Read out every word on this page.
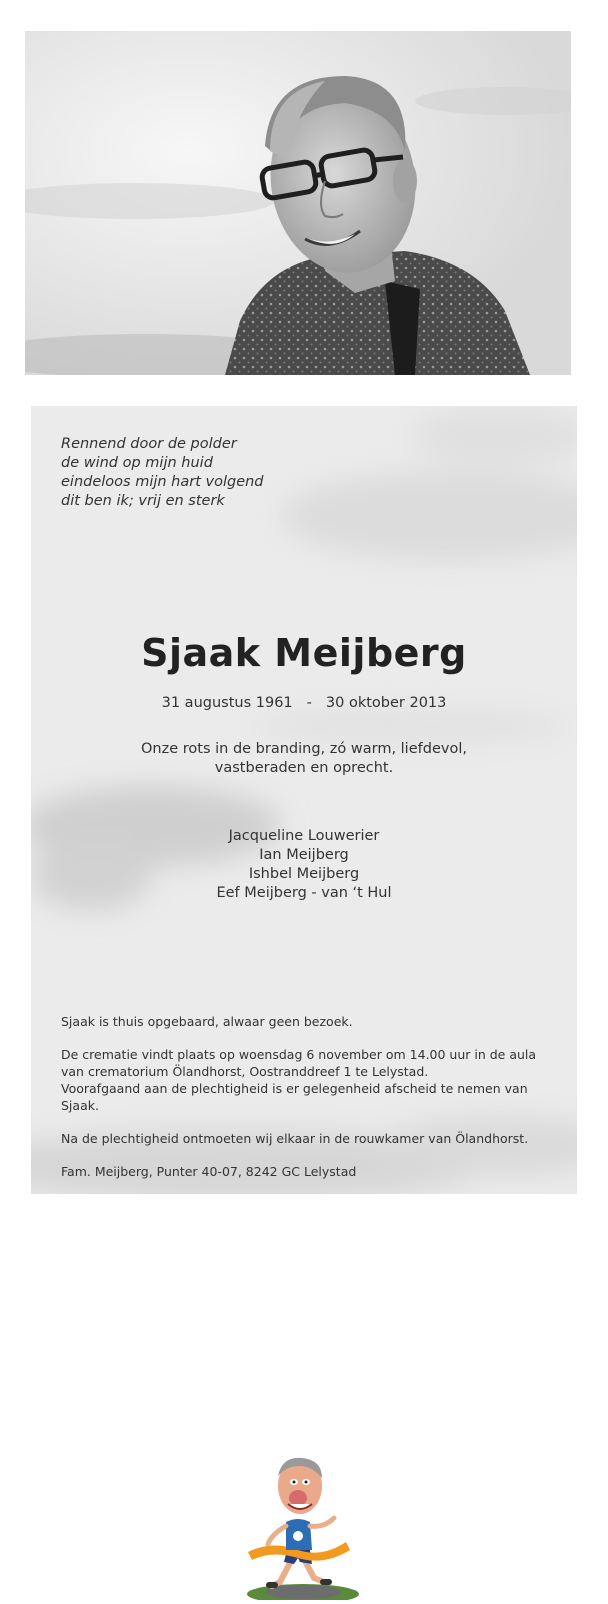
Rennend door de polder
de wind op mijn huid
eindeloos mijn hart volgend
dit ben ik; vrij en sterk
Sjaak Meijberg
31 augustus 1961 - 30 oktober 2013
Onze rots in de branding, zó warm, liefdevol,
vastberaden en oprecht.
Jacqueline Louwerier
Ian Meijberg
Ishbel Meijberg
Eef Meijberg - van ‘t Hul

Sjaak is thuis opgebaard, alwaar geen bezoek.

De crematie vindt plaats op woensdag 6 november om 14.00 uur in de aula
van crematorium Ölandhorst, Oostranddreef 1 te Lelystad.
Voorafgaand aan de plechtigheid is er gelegenheid afscheid te nemen van Sjaak.

Na de plechtigheid ontmoeten wij elkaar in de rouwkamer van Ölandhorst.

Fam. Meijberg, Punter 40-07, 8242 GC Lelystad
